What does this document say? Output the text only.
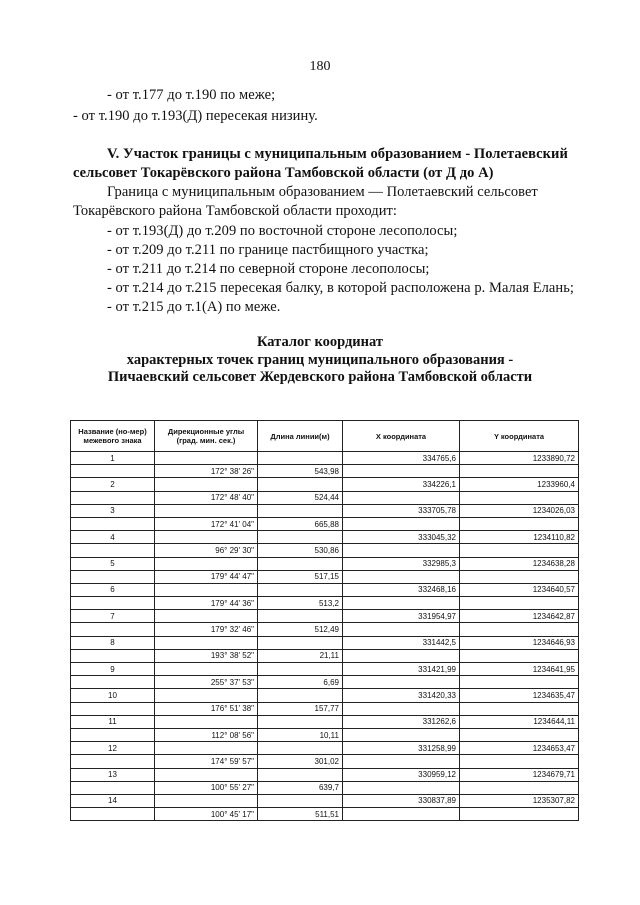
180
- от т.177 до т.190 по меже;
- от т.190 до т.193(Д) пересекая низину.
V. Участок границы с муниципальным образованием - Полетаевский
сельсовет Токарёвского района Тамбовской области (от Д до А)
Граница с муниципальным образованием — Полетаевский сельсовет
Токарёвского района Тамбовской области проходит:
- от т.193(Д) до т.209 по восточной стороне лесополосы;
- от т.209 до т.211 по границе пастбищного участка;
- от т.211 до т.214 по северной стороне лесополосы;
- от т.214 до т.215 пересекая балку, в которой расположена р. Малая Елань;
- от т.215 до т.1(А) по меже.
Каталог координат
характерных точек границ муниципального образования -
Пичаевский сельсовет Жердевского района Тамбовской области
Название (но-мер) межевого знака	Дирекционные углы (град. мин. сек.)	Длина линии(м)	X координата	Y координата
1			334765,6	1233890,72
	172° 38' 26"	543,98		
2			334226,1	1233960,4
	172° 48' 40"	524,44		
3			333705,78	1234026,03
	172° 41' 04"	665,88		
4			333045,32	1234110,82
	96° 29' 30"	530,86		
5			332985,3	1234638,28
	179° 44' 47"	517,15		
6			332468,16	1234640,57
	179° 44' 36"	513,2		
7			331954,97	1234642,87
	179° 32' 46"	512,49		
8			331442,5	1234646,93
	193° 38' 52"	21,11		
9			331421,99	1234641,95
	255° 37' 53"	6,69		
10			331420,33	1234635,47
	176° 51' 38"	157,77		
11			331262,6	1234644,11
	112° 08' 56"	10,11		
12			331258,99	1234653,47
	174° 59' 57"	301,02		
13			330959,12	1234679,71
	100° 55' 27"	639,7		
14			330837,89	1235307,82
	100° 45' 17"	511,51		
